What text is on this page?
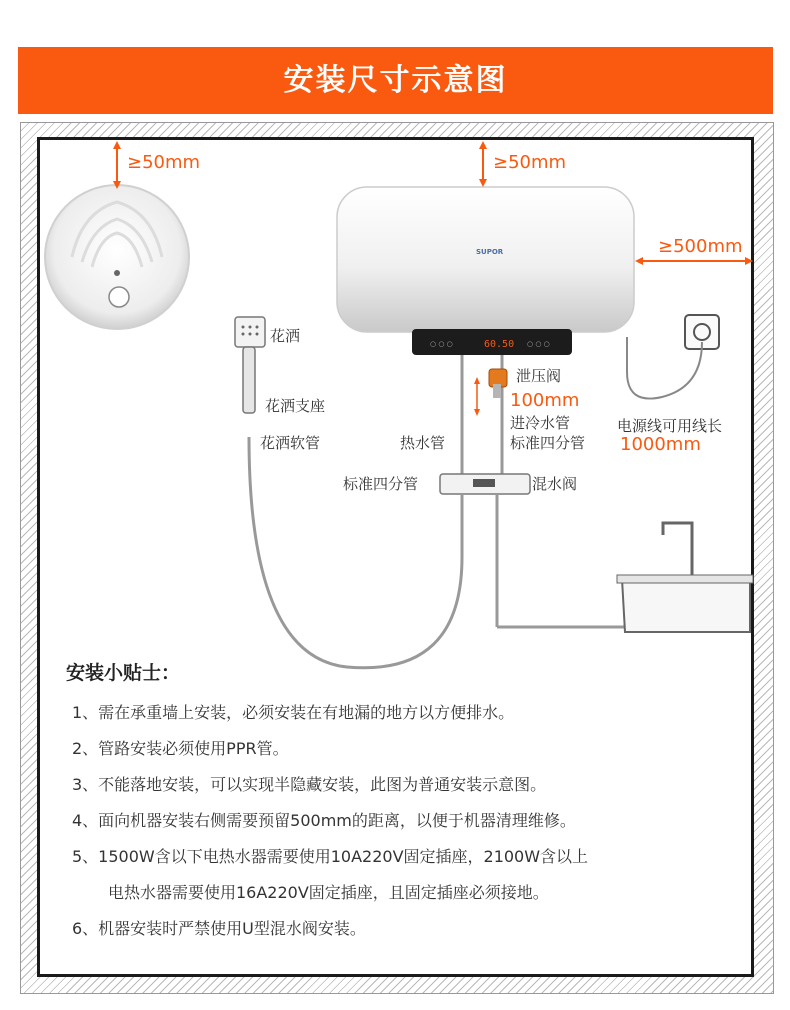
安装尺寸示意图
60.50
○ ○ ○	○ ○ ○
≥50mm	≥50mm
≥500mm
SUPOR
花洒
花洒支座
花洒软管
泄压阀
100mm
进冷水管
标准四分管
热水管
标准四分管	混水阀
电源线可用线长
1000mm
安装小贴士：
1、需在承重墙上安装，必须安装在有地漏的地方以方便排水。
2、管路安装必须使用PPR管。
3、不能落地安装，可以实现半隐藏安装，此图为普通安装示意图。
4、面向机器安装右侧需要预留500mm的距离，以便于机器清理维修。
5、1500W含以下电热水器需要使用10A220V固定插座，2100W含以上
电热水器需要使用16A220V固定插座，且固定插座必须接地。
6、机器安装时严禁使用U型混水阀安装。
